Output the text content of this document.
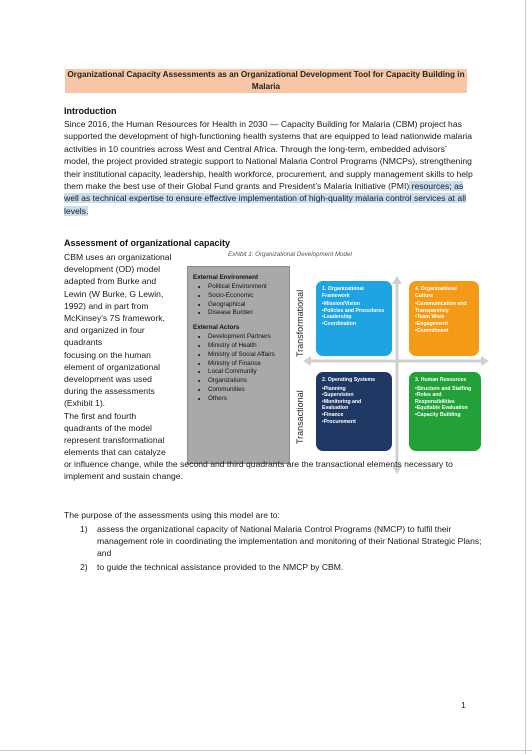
Organizational Capacity Assessments as an Organizational Development Tool for Capacity Building in Malaria
Introduction
Since 2016, the Human Resources for Health in 2030 — Capacity Building for Malaria (CBM) project has supported the development of high-functioning health systems that are equipped to lead nationwide malaria activities in 10 countries across West and Central Africa. Through the long-term, embedded advisors’ model, the project provided strategic support to National Malaria Control Programs (NMCPs), strengthening their institutional capacity, leadership, health workforce, procurement, and supply management skills to help them make the best use of their Global Fund grants and President’s Malaria Initiative (PMI) resources; as well as technical expertise to ensure effective implementation of high-quality malaria control services at all levels.
Assessment of organizational capacity
CBM uses an organizational
development (OD) model
adapted from Burke and
Lewin (W Burke, G Lewin,
1992) and in part from
McKinsey's 7S framework,
and organized in four
quadrants
focusing on the human
element of organizational
development was used
during the assessments
(Exhibit 1).
The first and fourth
quadrants of the model
represent transformational
elements that can catalyze
Exhibit 1: Organizational Development Model
External Environment
• Political Environment
• Socio-Economic
• Geographical
• Disease Burden
External Actors
• Development Partners
• Ministry of Health
• Ministry of Social Affairs
• Ministry of Finance
• Local Community
• Organizations
• Communities
• Others
Transformational
Transactional
1. Organizational Framework
•Mission/Vision
•Policies and Procedures
•Leadership
•Coordination
4. Organizational Culture
•Communication and Transparency
•Team Work
•Engagement
•Commitment
2. Operating Systems
•Planning
•Supervision
•Monitoring and Evaluation
•Finance
•Procurement
3. Human Resources
•Structure and Staffing
•Roles and Responsibilities
•Equitable Evaluation
•Capacity Building
or influence change, while the second and third quadrants are the transactional elements necessary to implement and sustain change.
The purpose of the assessments using this model are to:
1) assess the organizational capacity of National Malaria Control Programs (NMCP) to fulfil their management role in coordinating the implementation and monitoring of their National Strategic Plans; and
2) to guide the technical assistance provided to the NMCP by CBM.
1
